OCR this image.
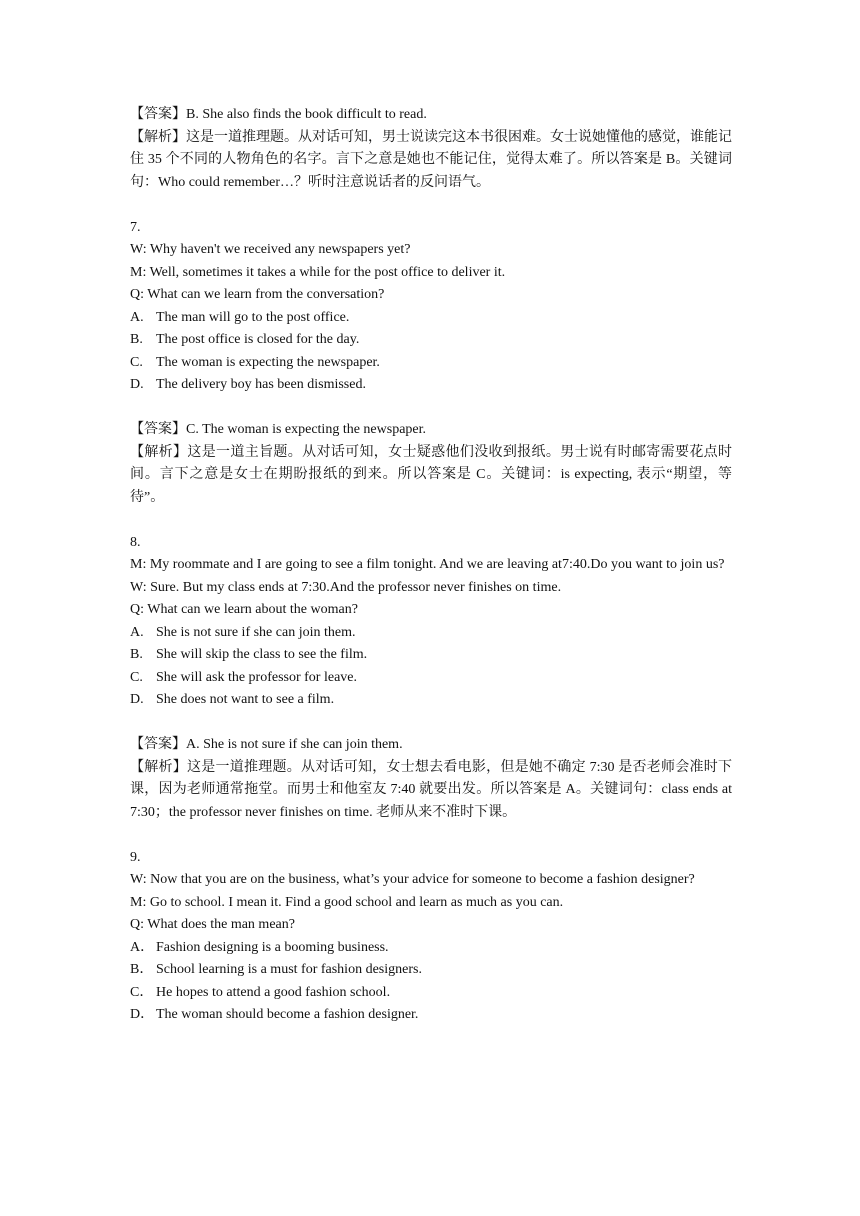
【答案】B. She also finds the book difficult to read.

【解析】这是一道推理题。从对话可知，男士说读完这本书很困难。女士说她懂他的感觉，谁能记住 35 个不同的人物角色的名字。言下之意是她也不能记住，觉得太难了。所以答案是 B。关键词句：Who could remember…？听时注意说话者的反问语气。

7.

W: Why haven't we received any newspapers yet?

M: Well, sometimes it takes a while for the post office to deliver it.

Q: What can we learn from the conversation?

A. The man will go to the post office.

B. The post office is closed for the day.

C. The woman is expecting the newspaper.

D. The delivery boy has been dismissed.

【答案】C. The woman is expecting the newspaper.

【解析】这是一道主旨题。从对话可知，女士疑惑他们没收到报纸。男士说有时邮寄需要花点时间。言下之意是女士在期盼报纸的到来。所以答案是 C。关键词：is expecting, 表示“期望，等待”。

8.

M: My roommate and I are going to see a film tonight. And we are leaving at7:40.Do you want to join us?

W: Sure. But my class ends at 7:30.And the professor never finishes on time.

Q: What can we learn about the woman?

A. She is not sure if she can join them.

B. She will skip the class to see the film.

C. She will ask the professor for leave.

D. She does not want to see a film.

【答案】A. She is not sure if she can join them.

【解析】这是一道推理题。从对话可知，女士想去看电影，但是她不确定 7:30 是否老师会准时下课，因为老师通常拖堂。而男士和他室友 7:40 就要出发。所以答案是 A。关键词句：class ends at 7:30；the professor never finishes on time. 老师从来不准时下课。

9.

W: Now that you are on the business, what’s your advice for someone to become a fashion designer?

M: Go to school. I mean it. Find a good school and learn as much as you can.

Q: What does the man mean?

A． Fashion designing is a booming business.

B． School learning is a must for fashion designers.

C． He hopes to attend a good fashion school.

D． The woman should become a fashion designer.
